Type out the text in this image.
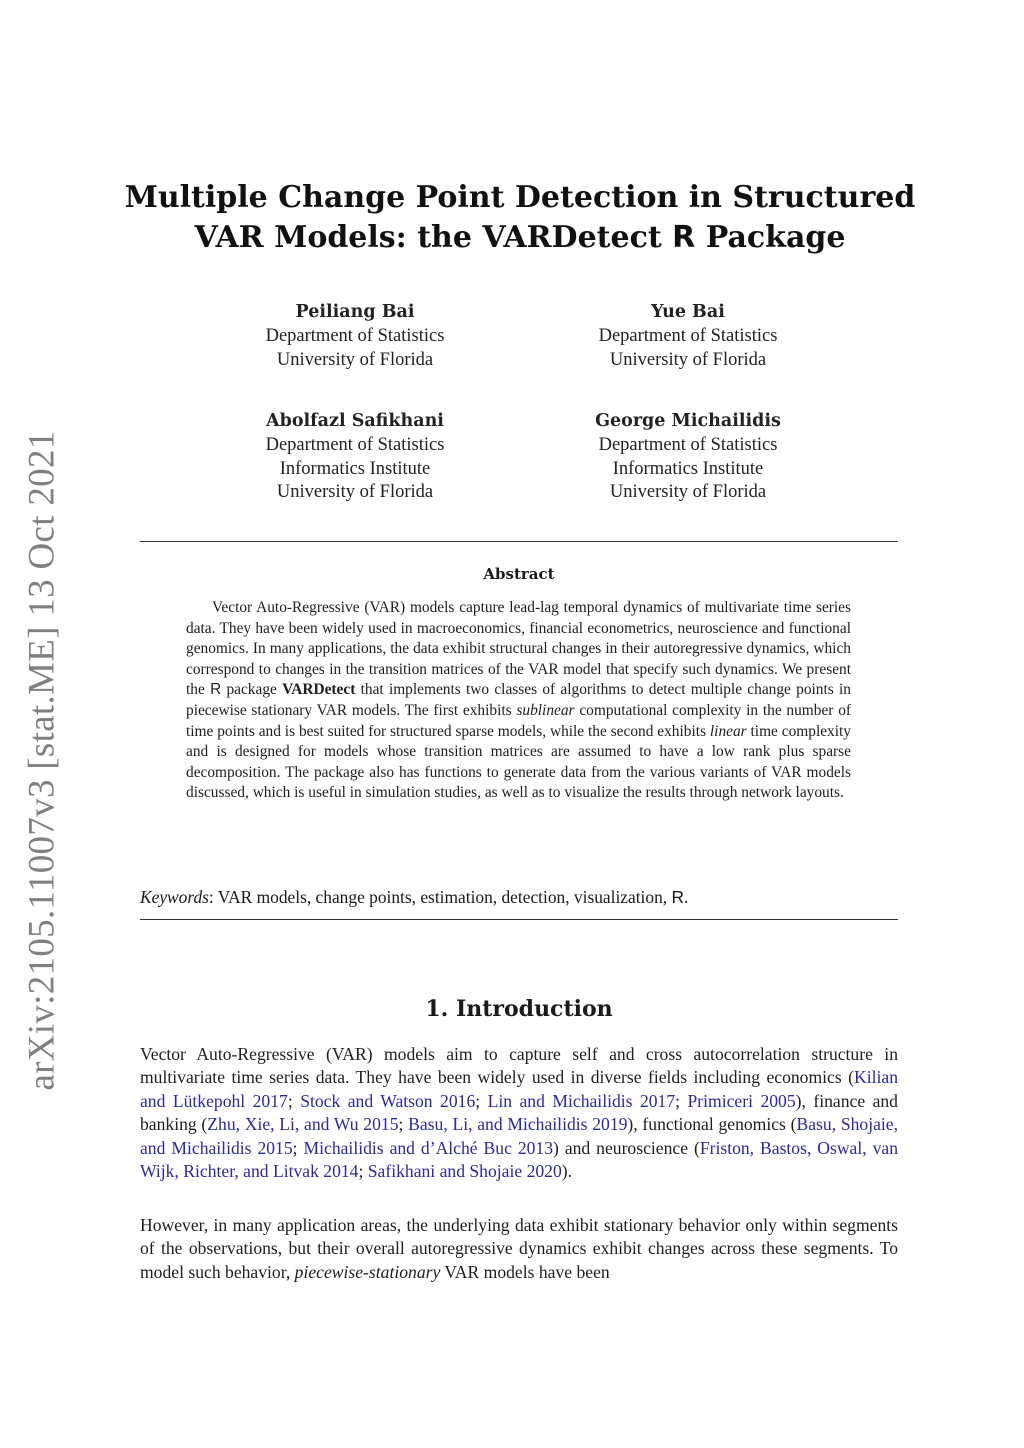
arXiv:2105.11007v3 [stat.ME] 13 Oct 2021
Multiple Change Point Detection in Structured
VAR Models: the VARDetect R Package
Peiliang Bai
Department of Statistics
University of Florida
Yue Bai
Department of Statistics
University of Florida
Abolfazl Safikhani
Department of Statistics
Informatics Institute
University of Florida
George Michailidis
Department of Statistics
Informatics Institute
University of Florida
Abstract
Vector Auto-Regressive (VAR) models capture lead-lag temporal dynamics of multivariate time series data. They have been widely used in macroeconomics, financial econometrics, neuroscience and functional genomics. In many applications, the data exhibit structural changes in their autoregressive dynamics, which correspond to changes in the transition matrices of the VAR model that specify such dynamics. We present the R package VARDetect that implements two classes of algorithms to detect multiple change points in piecewise stationary VAR models. The first exhibits sublinear computational complexity in the number of time points and is best suited for structured sparse models, while the second exhibits linear time complexity and is designed for models whose transition matrices are assumed to have a low rank plus sparse decomposition. The package also has functions to generate data from the various variants of VAR models discussed, which is useful in simulation studies, as well as to visualize the results through network layouts.
Keywords: VAR models, change points, estimation, detection, visualization, R.
1. Introduction
Vector Auto-Regressive (VAR) models aim to capture self and cross autocorrelation structure in multivariate time series data. They have been widely used in diverse fields including economics (Kilian and Lütkepohl 2017; Stock and Watson 2016; Lin and Michailidis 2017; Primiceri 2005), finance and banking (Zhu, Xie, Li, and Wu 2015; Basu, Li, and Michailidis 2019), functional genomics (Basu, Shojaie, and Michailidis 2015; Michailidis and d’Alché Buc 2013) and neuroscience (Friston, Bastos, Oswal, van Wijk, Richter, and Litvak 2014; Safikhani and Shojaie 2020).
However, in many application areas, the underlying data exhibit stationary behavior only within segments of the observations, but their overall autoregressive dynamics exhibit changes across these segments. To model such behavior, piecewise-stationary VAR models have been
